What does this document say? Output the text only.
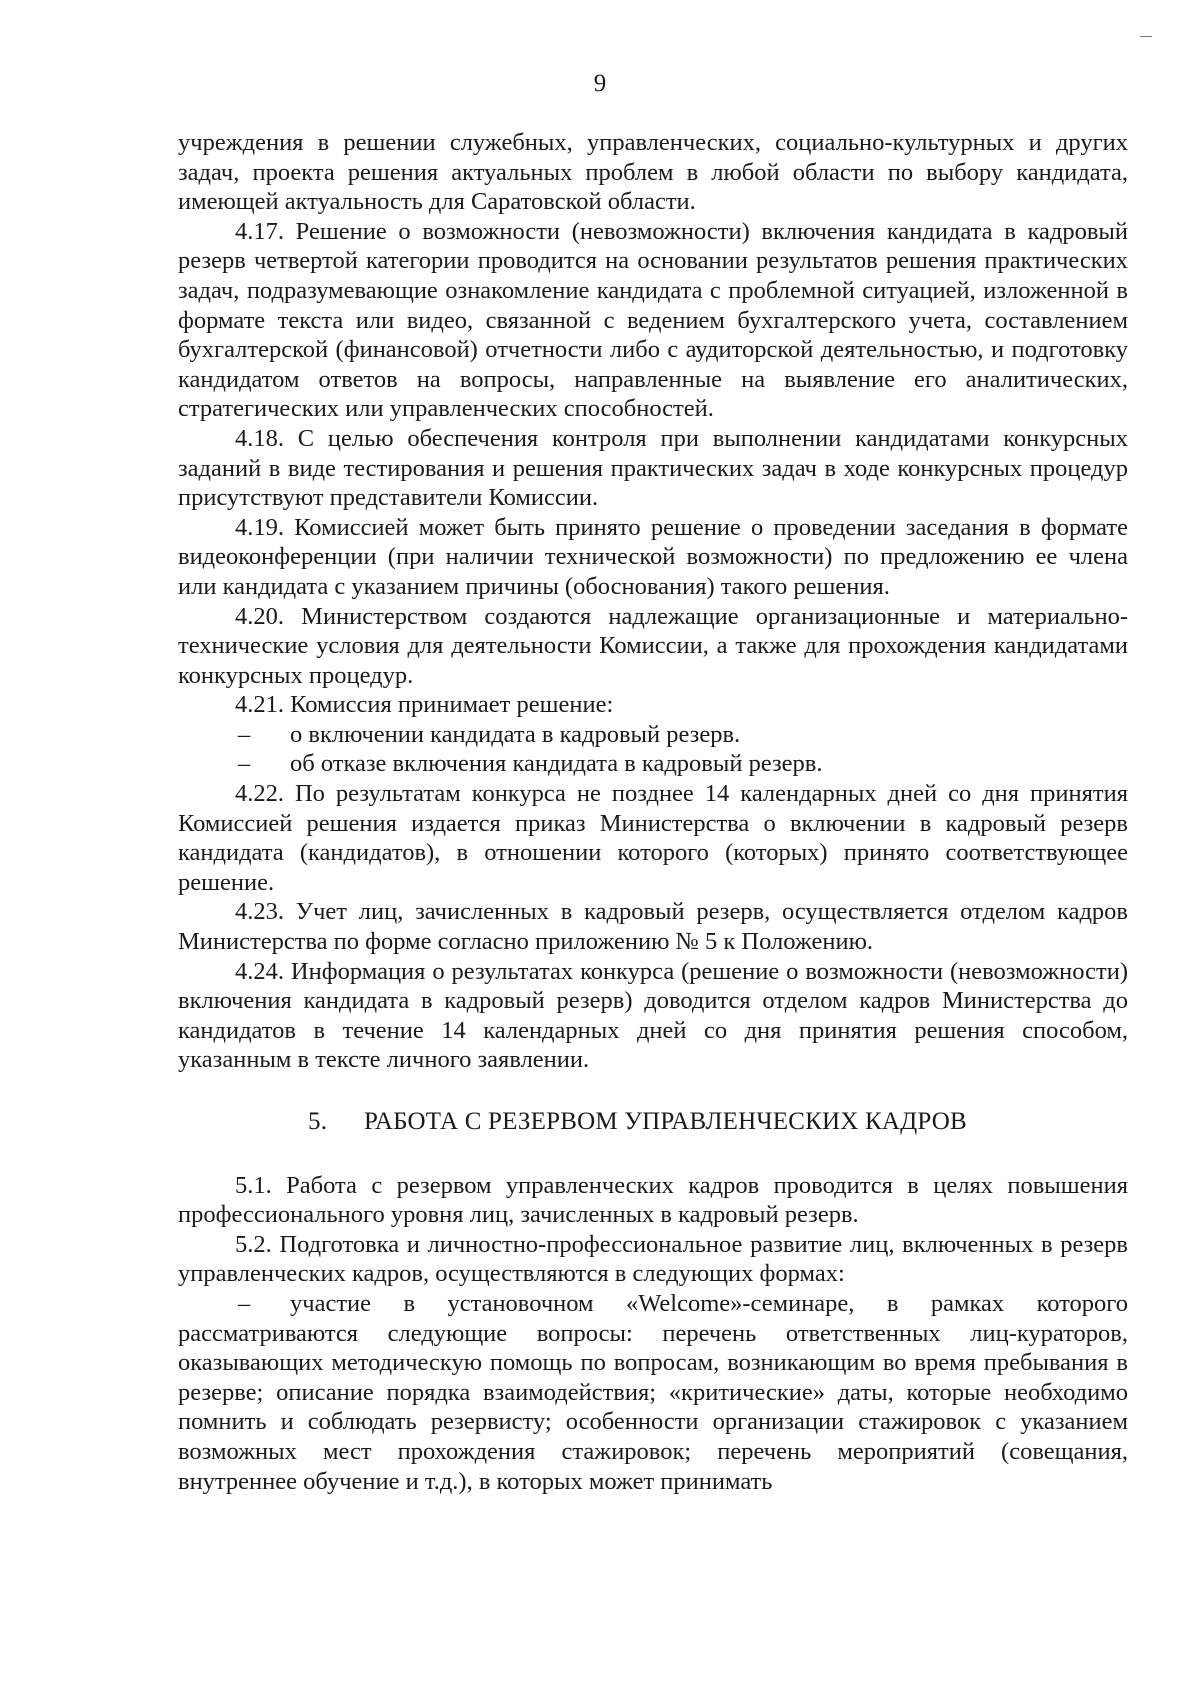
9

учреждения в решении служебных, управленческих, социально-культурных и других задач, проекта решения актуальных проблем в любой области по выбору кандидата, имеющей актуальность для Саратовской области.

4.17. Решение о возможности (невозможности) включения кандидата в кадровый резерв четвертой категории проводится на основании результатов решения практических задач, подразумевающие ознакомление кандидата с проблемной ситуацией, изложенной в формате текста или видео, связанной с ведением бухгалтерского учета, составлением бухгалтерской (финансовой) отчетности либо с аудиторской деятельностью, и подготовку кандидатом ответов на вопросы, направленные на выявление его аналитических, стратегических или управленческих способностей.

4.18. С целью обеспечения контроля при выполнении кандидатами конкурсных заданий в виде тестирования и решения практических задач в ходе конкурсных процедур присутствуют представители Комиссии.

4.19. Комиссией может быть принято решение о проведении заседания в формате видеоконференции (при наличии технической возможности) по предложению ее члена или кандидата с указанием причины (обоснования) такого решения.

4.20. Министерством создаются надлежащие организационные и материально-технические условия для деятельности Комиссии, а также для прохождения кандидатами конкурсных процедур.

4.21. Комиссия принимает решение:

– о включении кандидата в кадровый резерв.

– об отказе включения кандидата в кадровый резерв.

4.22. По результатам конкурса не позднее 14 календарных дней со дня принятия Комиссией решения издается приказ Министерства о включении в кадровый резерв кандидата (кандидатов), в отношении которого (которых) принято соответствующее решение.

4.23. Учет лиц, зачисленных в кадровый резерв, осуществляется отделом кадров Министерства по форме согласно приложению № 5 к Положению.

4.24. Информация о результатах конкурса (решение о возможности (невозможности) включения кандидата в кадровый резерв) доводится отделом кадров Министерства до кандидатов в течение 14 календарных дней со дня принятия решения способом, указанным в тексте личного заявлении.

5. РАБОТА С РЕЗЕРВОМ УПРАВЛЕНЧЕСКИХ КАДРОВ

5.1. Работа с резервом управленческих кадров проводится в целях повышения профессионального уровня лиц, зачисленных в кадровый резерв.

5.2. Подготовка и личностно-профессиональное развитие лиц, включенных в резерв управленческих кадров, осуществляются в следующих формах:

– участие в установочном «Welcome»-семинаре, в рамках которого рассматриваются следующие вопросы: перечень ответственных лиц-кураторов, оказывающих методическую помощь по вопросам, возникающим во время пребывания в резерве; описание порядка взаимодействия; «критические» даты, которые необходимо помнить и соблюдать резервисту; особенности организации стажировок с указанием возможных мест прохождения стажировок; перечень мероприятий (совещания, внутреннее обучение и т.д.), в которых может принимать
